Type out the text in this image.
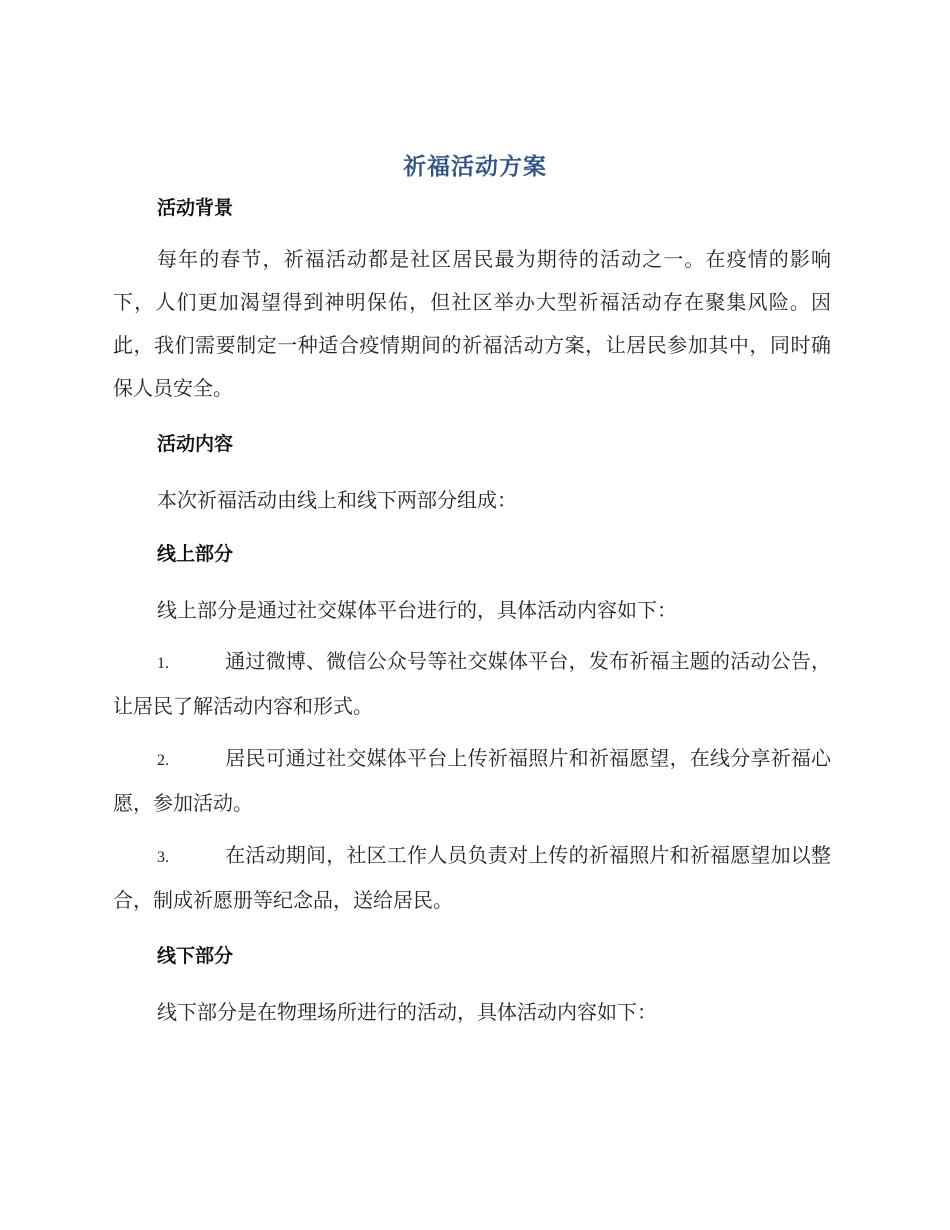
祈福活动方案
活动背景
每年的春节，祈福活动都是社区居民最为期待的活动之一。在疫情的影响下，人们更加渴望得到神明保佑，但社区举办大型祈福活动存在聚集风险。因此，我们需要制定一种适合疫情期间的祈福活动方案，让居民参加其中，同时确保人员安全。
活动内容
本次祈福活动由线上和线下两部分组成：
线上部分
线上部分是通过社交媒体平台进行的，具体活动内容如下：
1.	通过微博、微信公众号等社交媒体平台，发布祈福主题的活动公告，让居民了解活动内容和形式。
2.	居民可通过社交媒体平台上传祈福照片和祈福愿望，在线分享祈福心愿，参加活动。
3.	在活动期间，社区工作人员负责对上传的祈福照片和祈福愿望加以整合，制成祈愿册等纪念品，送给居民。
线下部分
线下部分是在物理场所进行的活动，具体活动内容如下：
